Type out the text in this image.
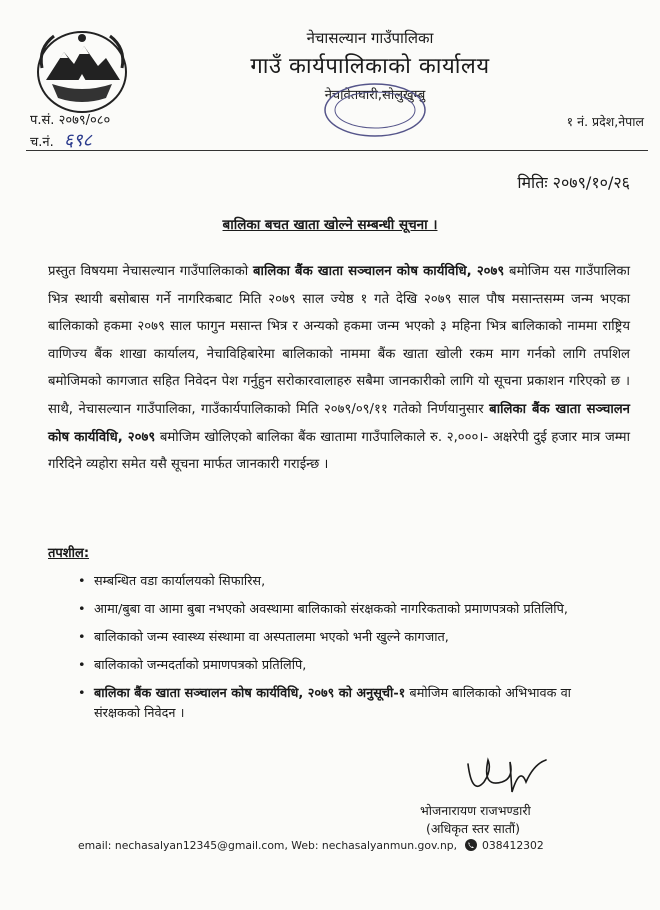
नेचासल्यान गाउँपालिका
गाउँ कार्यपालिकाको कार्यालय
नेचावेतघारी,सोलुखुम्बु
प.सं. २०७९/०८०
च.नं. ६९८
१ नं. प्रदेश,नेपाल
मितिः २०७९/१०/२६
बालिका बचत खाता खोल्ने सम्बन्धी सूचना ।
प्रस्तुत विषयमा नेचासल्यान गाउँपालिकाको बालिका बैंक खाता सञ्चालन कोष कार्यविधि, २०७९ बमोजिम यस गाउँपालिका भित्र स्थायी बसोबास गर्ने नागरिकबाट मिति २०७९ साल ज्येष्ठ १ गते देखि २०७९ साल पौष मसान्तसम्म जन्म भएका बालिकाको हकमा २०७९ साल फागुन मसान्त भित्र र अन्यको हकमा जन्म भएको ३ महिना भित्र बालिकाको नाममा राष्ट्रिय वाणिज्य बैंक शाखा कार्यालय, नेचाविहिबारेमा बालिकाको नाममा बैंक खाता खोली रकम माग गर्नको लागि तपशिल बमोजिमको कागजात सहित निवेदन पेश गर्नुहुन सरोकारवालाहरु सबैमा जानकारीको लागि यो सूचना प्रकाशन गरिएको छ । साथै, नेचासल्यान गाउँपालिका, गाउँकार्यपालिकाको मिति २०७९/०९/११ गतेको निर्णयानुसार बालिका बैंक खाता सञ्चालन कोष कार्यविधि, २०७९ बमोजिम खोलिएको बालिका बैंक खातामा गाउँपालिकाले रु. २,०००।- अक्षरेपी दुई हजार मात्र जम्मा गरिदिने व्यहोरा समेत यसै सूचना मार्फत जानकारी गराईन्छ ।
तपशील:
• सम्बन्धित वडा कार्यालयको सिफारिस,
• आमा/बुबा वा आमा बुबा नभएको अवस्थामा बालिकाको संरक्षकको नागरिकताको प्रमाणपत्रको प्रतिलिपि,
• बालिकाको जन्म स्वास्थ्य संस्थामा वा अस्पतालमा भएको भनी खुल्ने कागजात,
• बालिकाको जन्मदर्ताको प्रमाणपत्रको प्रतिलिपि,
• बालिका बैंक खाता सञ्चालन कोष कार्यविधि, २०७९ को अनुसूची-१ बमोजिम बालिकाको अभिभावक वा संरक्षकको निवेदन ।
भोजनारायण राजभण्डारी
(अधिकृत स्तर सातौं)
email: nechasalyan12345@gmail.com, Web: nechasalyanmun.gov.np, 038412302
